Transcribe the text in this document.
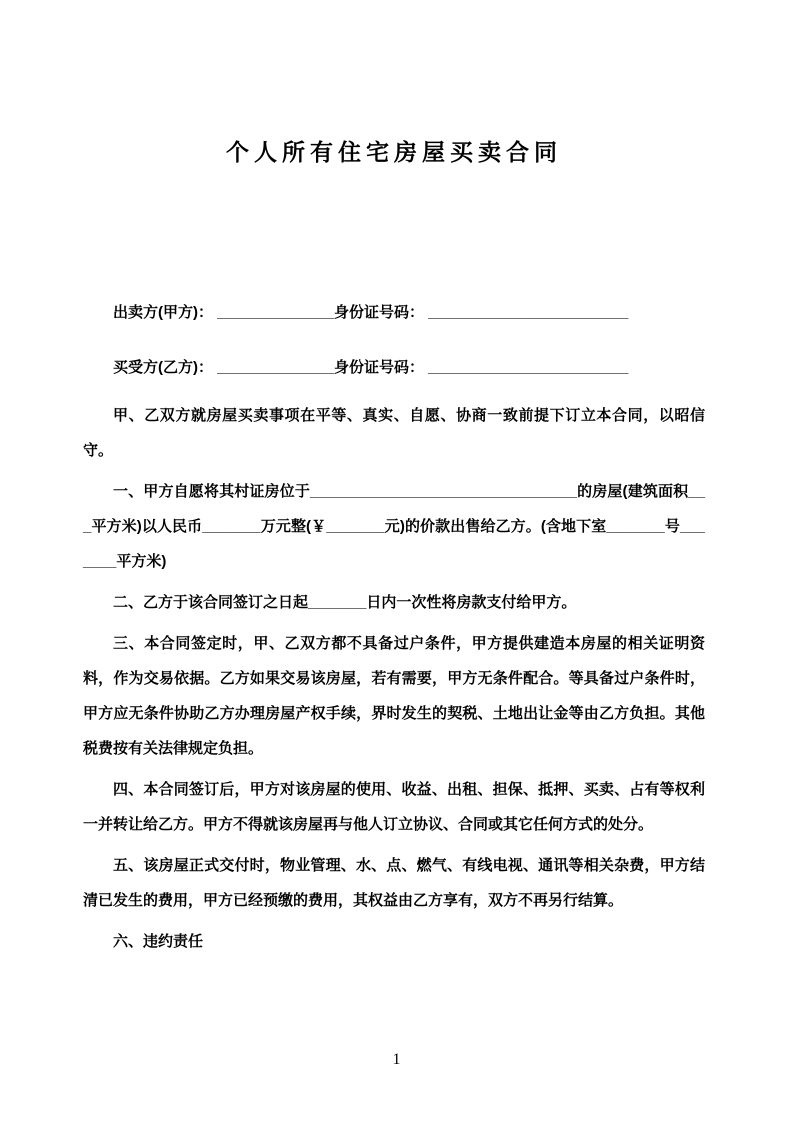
个人所有住宅房屋买卖合同

出卖方(甲方)： ______________身份证号码： ________________________

买受方(乙方)： ______________身份证号码： ________________________

甲、乙双方就房屋买卖事项在平等、真实、自愿、协商一致前提下订立本合同，以昭信守。

一、甲方自愿将其村证房位于________________________________的房屋(建筑面积___平方米)以人民币_______万元整(￥_______元)的价款出售给乙方。(含地下室_______号_______平方米)

二、乙方于该合同签订之日起_______日内一次性将房款支付给甲方。

三、本合同签定时，甲、乙双方都不具备过户条件，甲方提供建造本房屋的相关证明资料，作为交易依据。乙方如果交易该房屋，若有需要，甲方无条件配合。等具备过户条件时，甲方应无条件协助乙方办理房屋产权手续，界时发生的契税、土地出让金等由乙方负担。其他税费按有关法律规定负担。

四、本合同签订后，甲方对该房屋的使用、收益、出租、担保、抵押、买卖、占有等权利一并转让给乙方。甲方不得就该房屋再与他人订立协议、合同或其它任何方式的处分。

五、该房屋正式交付时，物业管理、水、点、燃气、有线电视、通讯等相关杂费，甲方结清已发生的费用，甲方已经预缴的费用，其权益由乙方享有，双方不再另行结算。

六、违约责任

1
